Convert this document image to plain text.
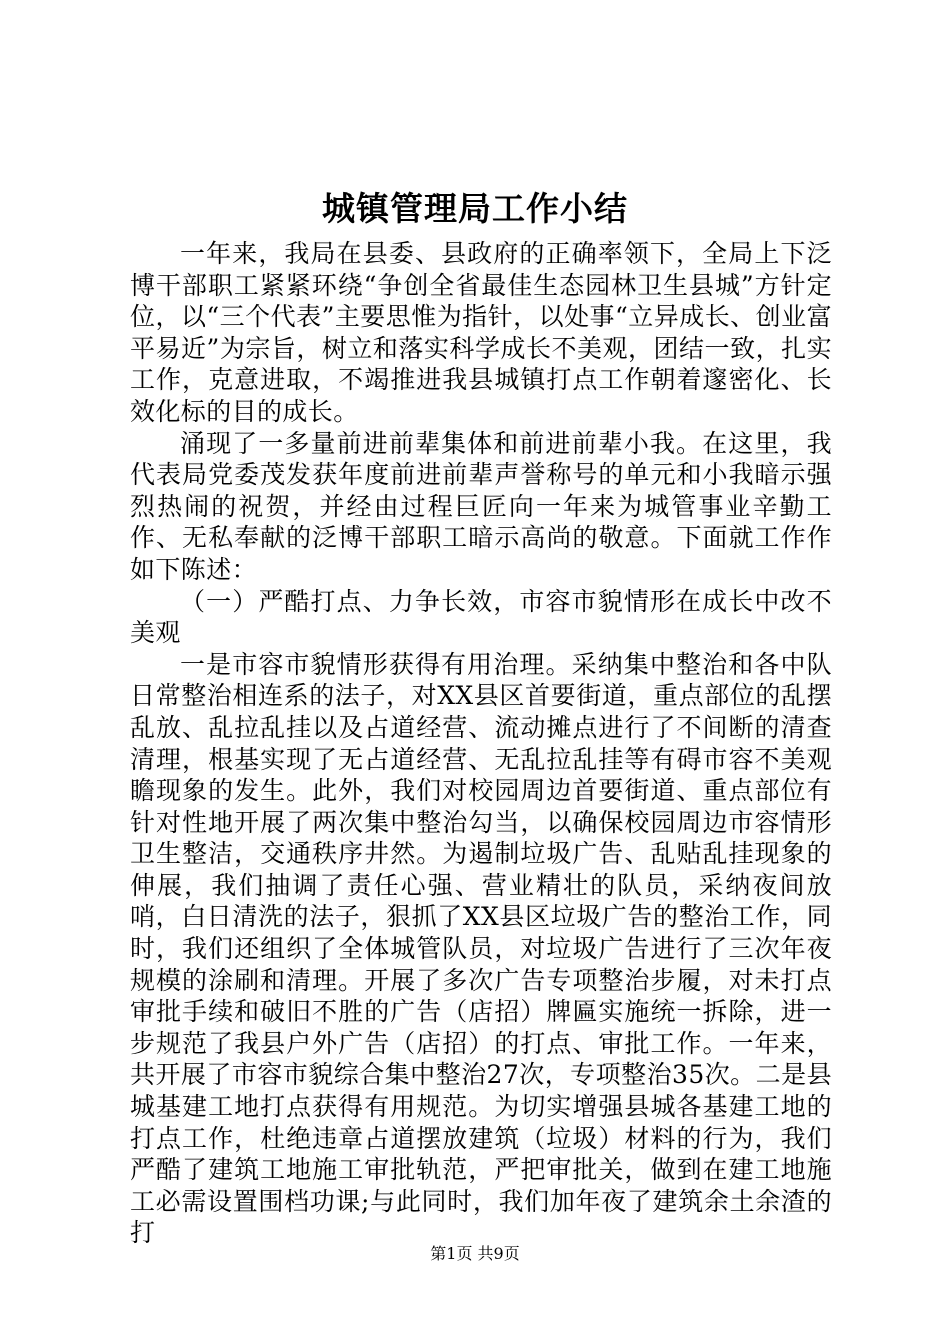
城镇管理局工作小结

一年来，我局在县委、县政府的正确率领下，全局上下泛博干部职工紧紧环绕“争创全省最佳生态园林卫生县城”方针定位，以“三个代表”主要思惟为指针，以处事“立异成长、创业富平易近”为宗旨，树立和落实科学成长不美观，团结一致，扎实工作，克意进取，不竭推进我县城镇打点工作朝着邃密化、长效化标的目的成长。

涌现了一多量前进前辈集体和前进前辈小我。在这里，我代表局党委茂发获年度前进前辈声誉称号的单元和小我暗示强烈热闹的祝贺，并经由过程巨匠向一年来为城管事业辛勤工作、无私奉献的泛博干部职工暗示高尚的敬意。下面就工作作如下陈述：

（一）严酷打点、力争长效，市容市貌情形在成长中改不美观

一是市容市貌情形获得有用治理。采纳集中整治和各中队日常整治相连系的法子，对XX县区首要街道，重点部位的乱摆乱放、乱拉乱挂以及占道经营、流动摊点进行了不间断的清查清理，根基实现了无占道经营、无乱拉乱挂等有碍市容不美观瞻现象的发生。此外，我们对校园周边首要街道、重点部位有针对性地开展了两次集中整治勾当，以确保校园周边市容情形卫生整洁，交通秩序井然。为遏制垃圾广告、乱贴乱挂现象的伸展，我们抽调了责任心强、营业精壮的队员，采纳夜间放哨，白日清洗的法子，狠抓了XX县区垃圾广告的整治工作，同时，我们还组织了全体城管队员，对垃圾广告进行了三次年夜规模的涂刷和清理。开展了多次广告专项整治步履，对未打点审批手续和破旧不胜的广告（店招）牌匾实施统一拆除，进一步规范了我县户外广告（店招）的打点、审批工作。一年来，共开展了市容市貌综合集中整治27次，专项整治35次。二是县城基建工地打点获得有用规范。为切实增强县城各基建工地的打点工作，杜绝违章占道摆放建筑（垃圾）材料的行为，我们严酷了建筑工地施工审批轨范，严把审批关，做到在建工地施工必需设置围档功课;与此同时，我们加年夜了建筑余土余渣的打

第1页 共9页
